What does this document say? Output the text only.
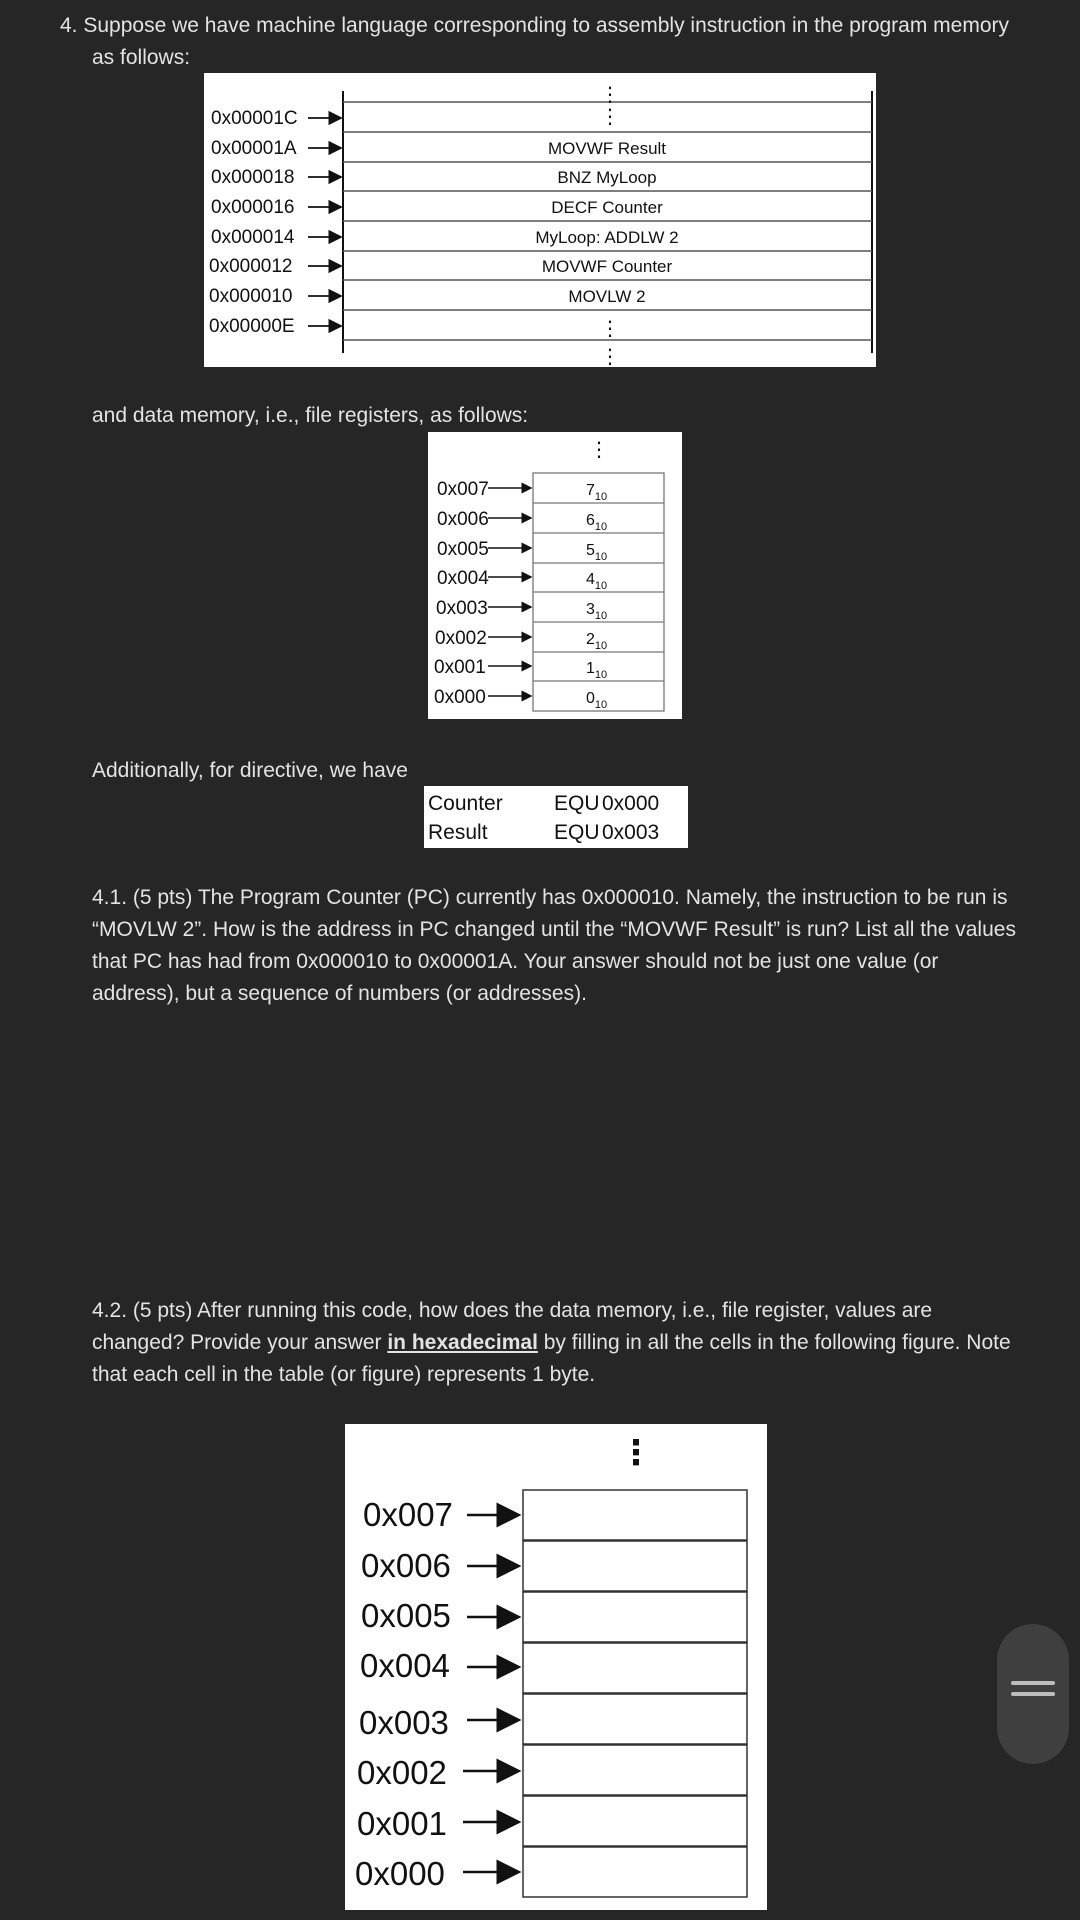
4. Suppose we have machine language corresponding to assembly instruction in the program memory
as follows:
⋮
⋮
⋮
⋮
0x00001C
0x00001A	MOVWF Result
0x000018	BNZ MyLoop
0x000016	DECF Counter
0x000014	MyLoop: ADDLW 2
0x000012	MOVWF Counter
0x000010	MOVLW 2
0x00000E
and data memory, i.e., file registers, as follows:
⋮
0x007	$7_{10}$
0x006	$6_{10}$
0x005	$5_{10}$
0x004	$4_{10}$
0x003	$3_{10}$
0x002	$2_{10}$
0x001	$1_{10}$
0x000	$0_{10}$
Additionally, for directive, we have
Counter EQU 0x000
Result	EQU 0x003
4.1. (5 pts) The Program Counter (PC) currently has 0x000010. Namely, the instruction to be run is
“MOVLW 2”. How is the address in PC changed until the “MOVWF Result” is run? List all the values
that PC has had from 0x000010 to 0x00001A. Your answer should not be just one value (or
address), but a sequence of numbers (or addresses).
4.2. (5 pts) After running this code, how does the data memory, i.e., file register, values are
changed? Provide your answer in hexadecimal by filling in all the cells in the following figure. Note
that each cell in the table (or figure) represents 1 byte.
⋮
0x007
0x006
0x005
0x004
0x003
0x002
0x001
0x000
